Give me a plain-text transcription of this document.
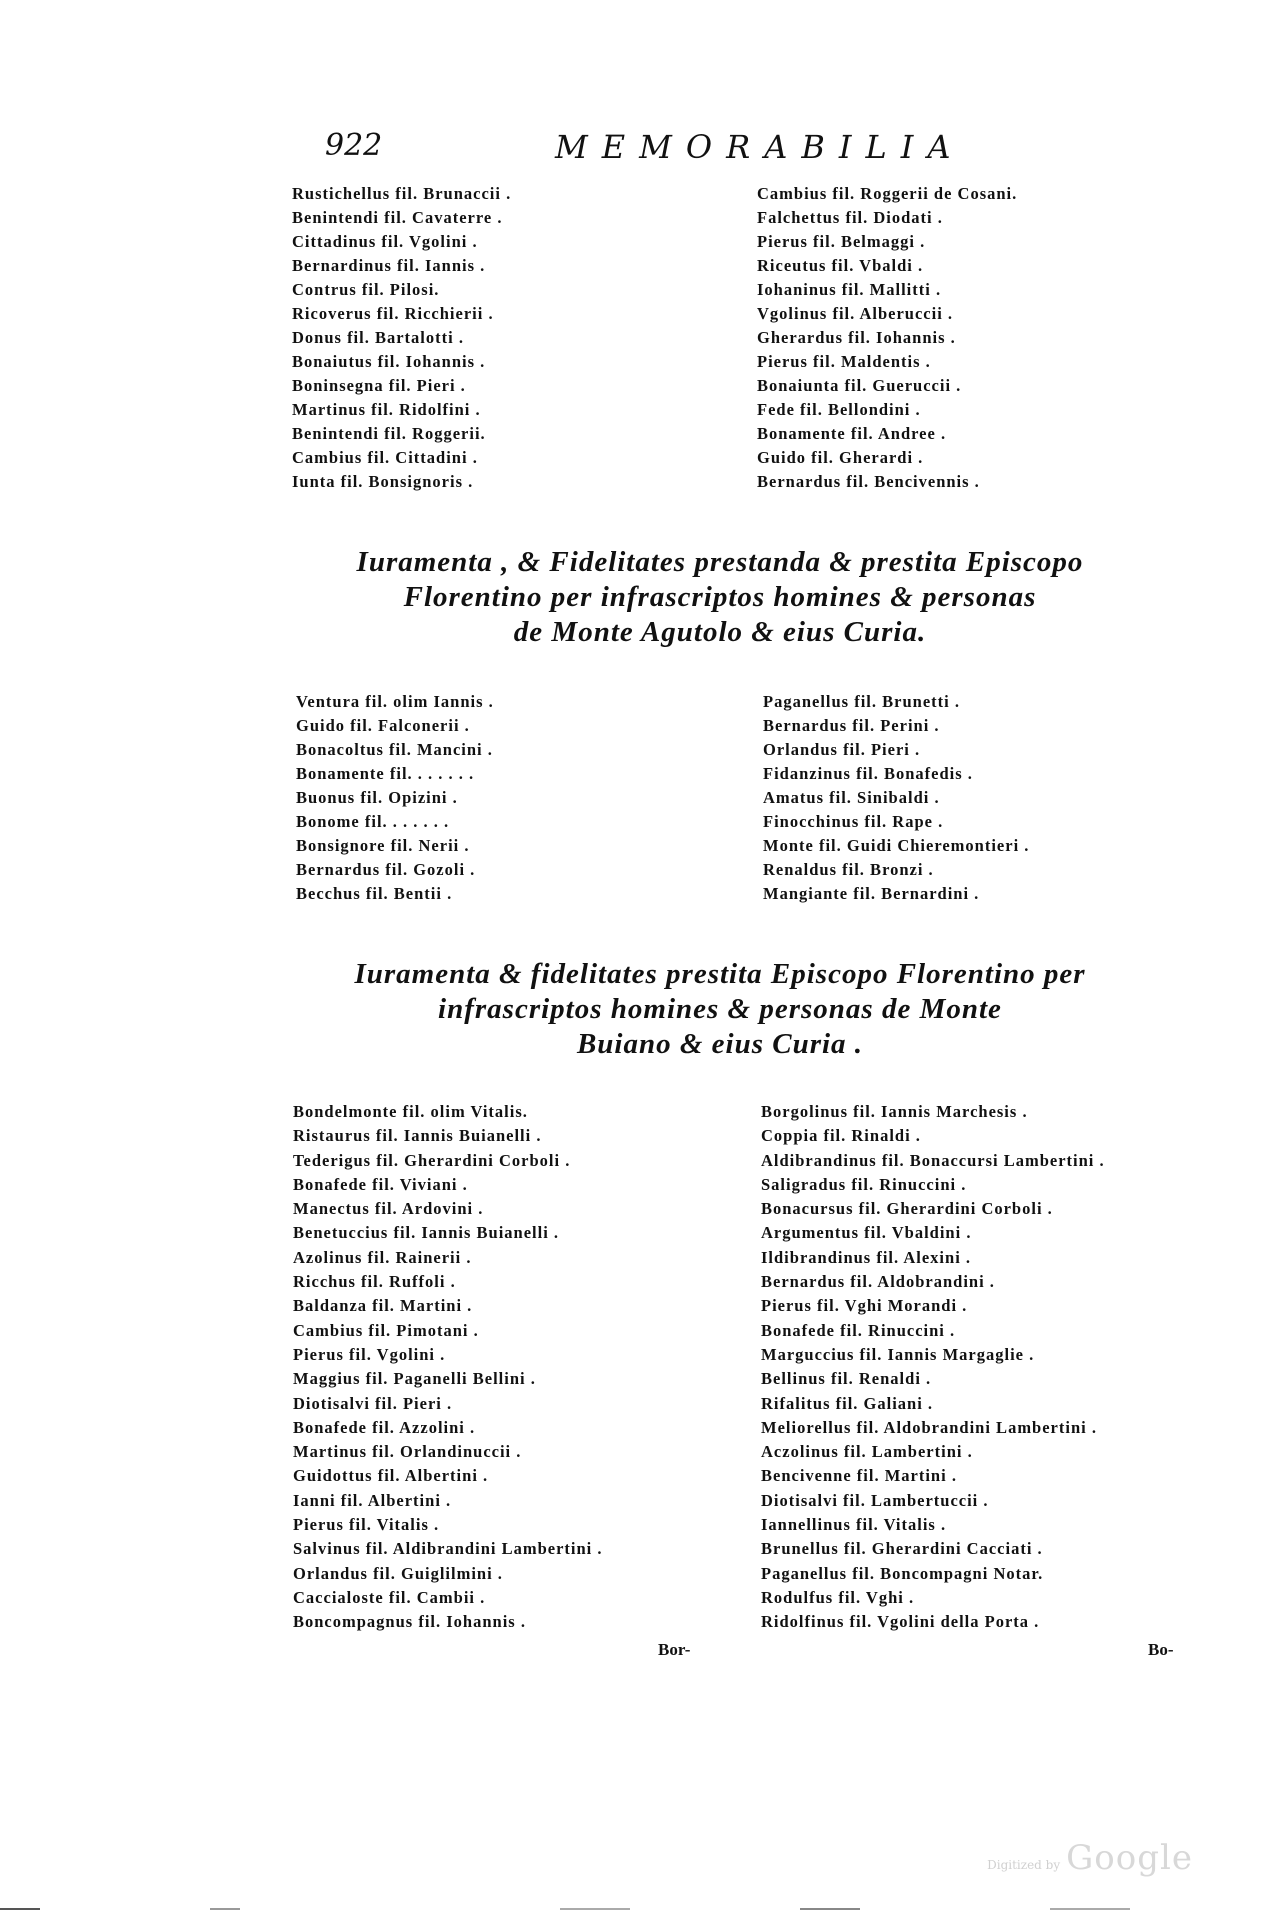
922	MEMORABILIA
Rustichellus fil. Brunaccii .
Benintendi fil. Cavaterre .
Cittadinus fil. Vgolini .
Bernardinus fil. Iannis .
Contrus fil. Pilosi.
Ricoverus fil. Ricchierii .
Donus fil. Bartalotti .
Bonaiutus fil. Iohannis .
Boninsegna fil. Pieri .
Martinus fil. Ridolfini .
Benintendi fil. Roggerii.
Cambius fil. Cittadini .
Iunta fil. Bonsignoris .
Cambius fil. Roggerii de Cosani.
Falchettus fil. Diodati .
Pierus fil. Belmaggi .
Riceutus fil. Vbaldi .
Iohaninus fil. Mallitti .
Vgolinus fil. Alberuccii .
Gherardus fil. Iohannis .
Pierus fil. Maldentis .
Bonaiunta fil. Gueruccii .
Fede fil. Bellondini .
Bonamente fil. Andree .
Guido fil. Gherardi .
Bernardus fil. Bencivennis .
Iuramenta , & Fidelitates prestanda & prestita Episcopo
Florentino per infrascriptos homines & personas
de Monte Agutolo & eius Curia.
Ventura fil. olim Iannis .
Guido fil. Falconerii .
Bonacoltus fil. Mancini .
Bonamente fil. . . . . . .
Buonus fil. Opizini .
Bonome fil. . . . . . .
Bonsignore fil. Nerii .
Bernardus fil. Gozoli .
Becchus fil. Bentii .
Paganellus fil. Brunetti .
Bernardus fil. Perini .
Orlandus fil. Pieri .
Fidanzinus fil. Bonafedis .
Amatus fil. Sinibaldi .
Finocchinus fil. Rape .
Monte fil. Guidi Chieremontieri .
Renaldus fil. Bronzi .
Mangiante fil. Bernardini .
Iuramenta & fidelitates prestita Episcopo Florentino per
infrascriptos homines & personas de Monte
Buiano & eius Curia .
Bondelmonte fil. olim Vitalis.
Ristaurus fil. Iannis Buianelli .
Tederigus fil. Gherardini Corboli .
Bonafede fil. Viviani .
Manectus fil. Ardovini .
Benetuccius fil. Iannis Buianelli .
Azolinus fil. Rainerii .
Ricchus fil. Ruffoli .
Baldanza fil. Martini .
Cambius fil. Pimotani .
Pierus fil. Vgolini .
Maggius fil. Paganelli Bellini .
Diotisalvi fil. Pieri .
Bonafede fil. Azzolini .
Martinus fil. Orlandinuccii .
Guidottus fil. Albertini .
Ianni fil. Albertini .
Pierus fil. Vitalis .
Salvinus fil. Aldibrandini Lambertini .
Orlandus fil. Guiglilmini .
Caccialoste fil. Cambii .
Boncompagnus fil. Iohannis .
Borgolinus fil. Iannis Marchesis .
Coppia fil. Rinaldi .
Aldibrandinus fil. Bonaccursi Lambertini .
Saligradus fil. Rinuccini .
Bonacursus fil. Gherardini Corboli .
Argumentus fil. Vbaldini .
Ildibrandinus fil. Alexini .
Bernardus fil. Aldobrandini .
Pierus fil. Vghi Morandi .
Bonafede fil. Rinuccini .
Marguccius fil. Iannis Margaglie .
Bellinus fil. Renaldi .
Rifalitus fil. Galiani .
Meliorellus fil. Aldobrandini Lambertini .
Aczolinus fil. Lambertini .
Bencivenne fil. Martini .
Diotisalvi fil. Lambertuccii .
Iannellinus fil. Vitalis .
Brunellus fil. Gherardini Cacciati .
Paganellus fil. Boncompagni Notar.
Rodulfus fil. Vghi .
Ridolfinus fil. Vgolini della Porta .
Bor-	Bo-
Digitized by Google
